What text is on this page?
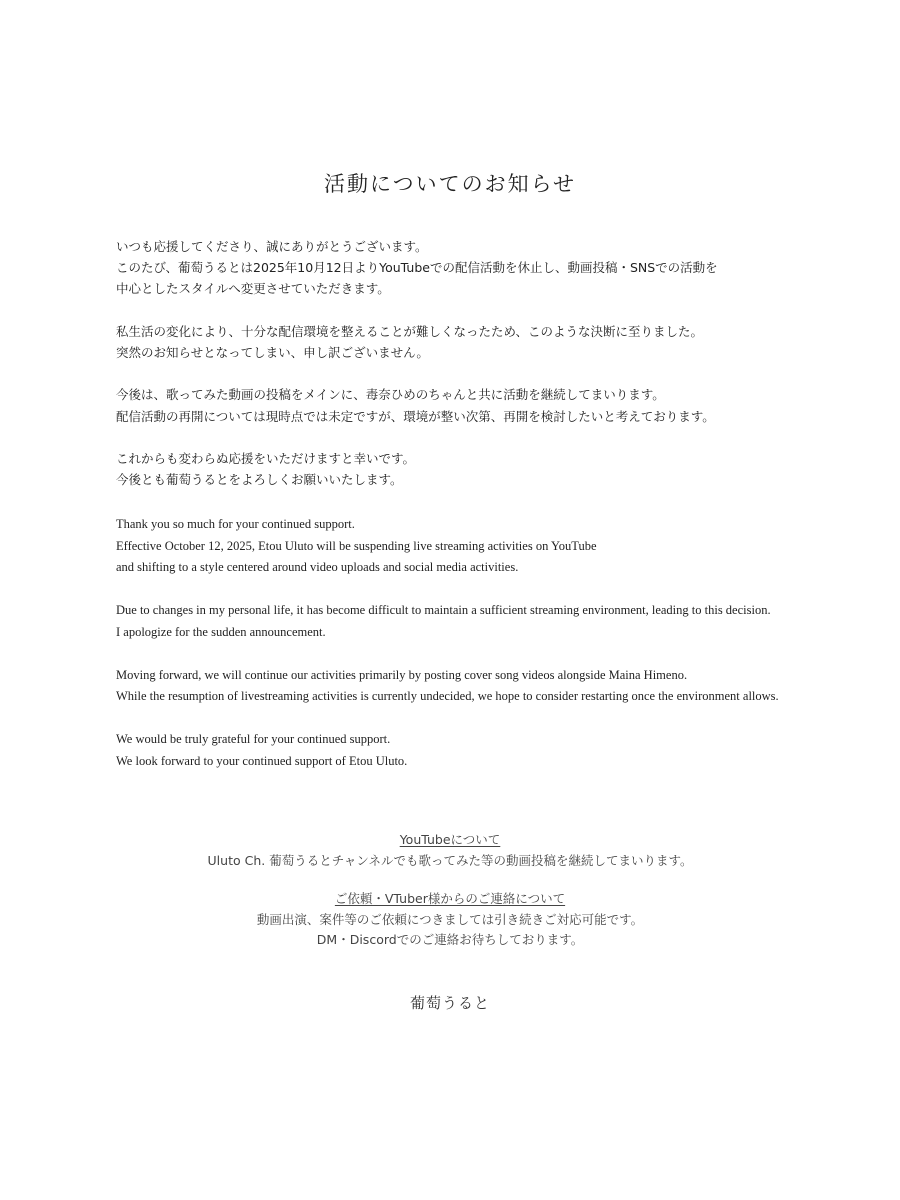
活動についてのお知らせ

いつも応援してくださり、誠にありがとうございます。
このたび、葡萄うるとは2025年10月12日よりYouTubeでの配信活動を休止し、動画投稿・SNSでの活動を
中心としたスタイルへ変更させていただきます。

私生活の変化により、十分な配信環境を整えることが難しくなったため、このような決断に至りました。
突然のお知らせとなってしまい、申し訳ございません。

今後は、歌ってみた動画の投稿をメインに、毒奈ひめのちゃんと共に活動を継続してまいります。
配信活動の再開については現時点では未定ですが、環境が整い次第、再開を検討したいと考えております。

これからも変わらぬ応援をいただけますと幸いです。
今後とも葡萄うるとをよろしくお願いいたします。

Thank you so much for your continued support.
Effective October 12, 2025, Etou Uluto will be suspending live streaming activities on YouTube
and shifting to a style centered around video uploads and social media activities.

Due to changes in my personal life, it has become difficult to maintain a sufficient streaming environment, leading to this decision.
I apologize for the sudden announcement.

Moving forward, we will continue our activities primarily by posting cover song videos alongside Maina Himeno.
While the resumption of livestreaming activities is currently undecided, we hope to consider restarting once the environment allows.

We would be truly grateful for your continued support.
We look forward to your continued support of Etou Uluto.

YouTubeについて
Uluto Ch. 葡萄うるとチャンネルでも歌ってみた等の動画投稿を継続してまいります。
ご依頼・VTuber様からのご連絡について
動画出演、案件等のご依頼につきましては引き続きご対応可能です。
DM・Discordでのご連絡お待ちしております。
葡萄うると
